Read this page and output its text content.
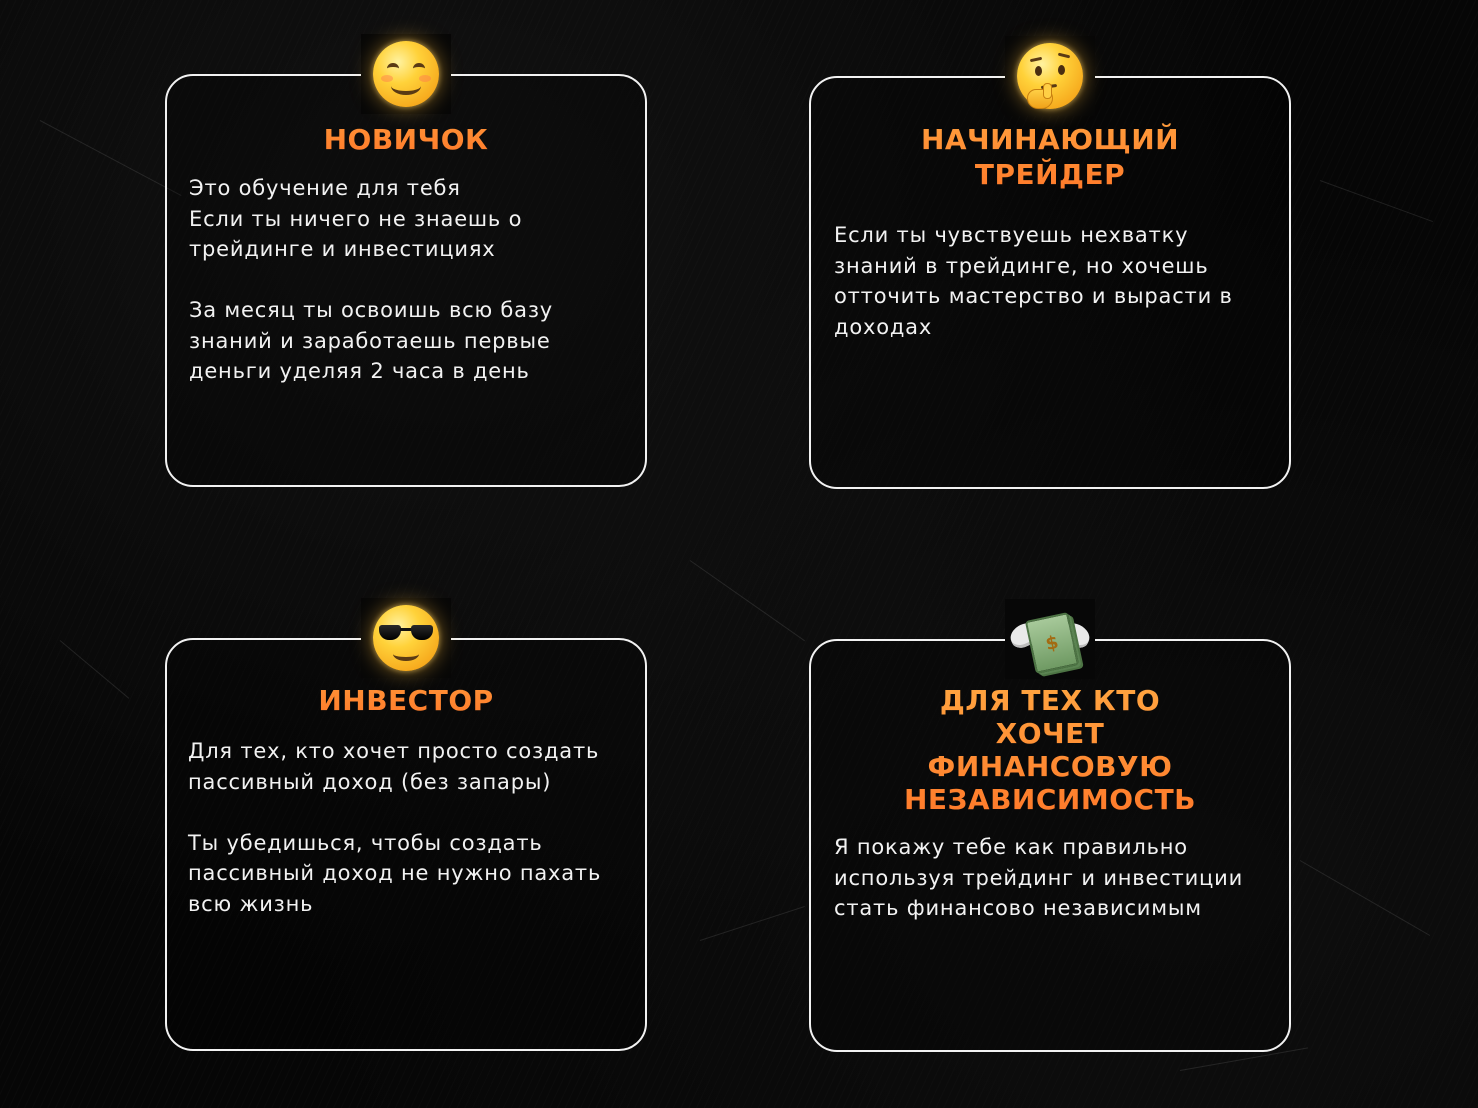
НОВИЧОК

Это обучение для тебя
Если ты ничего не знаешь о трейдинге и инвестициях

За месяц ты освоишь всю базу знаний и заработаешь первые деньги уделяя 2 часа в день

НАЧИНАЮЩИЙ ТРЕЙДЕР

Если ты чувствуешь нехватку знаний в трейдинге, но хочешь отточить мастерство и вырасти в доходах

ИНВЕСТОР

Для тех, кто хочет просто создать пассивный доход (без запары)

Ты убедишься, чтобы создать пассивный доход не нужно пахать всю жизнь

$
ДЛЯ ТЕХ КТО ХОЧЕТ ФИНАНСОВУЮ НЕЗАВИСИМОСТЬ

Я покажу тебе как правильно используя трейдинг и инвестиции стать финансово независимым
